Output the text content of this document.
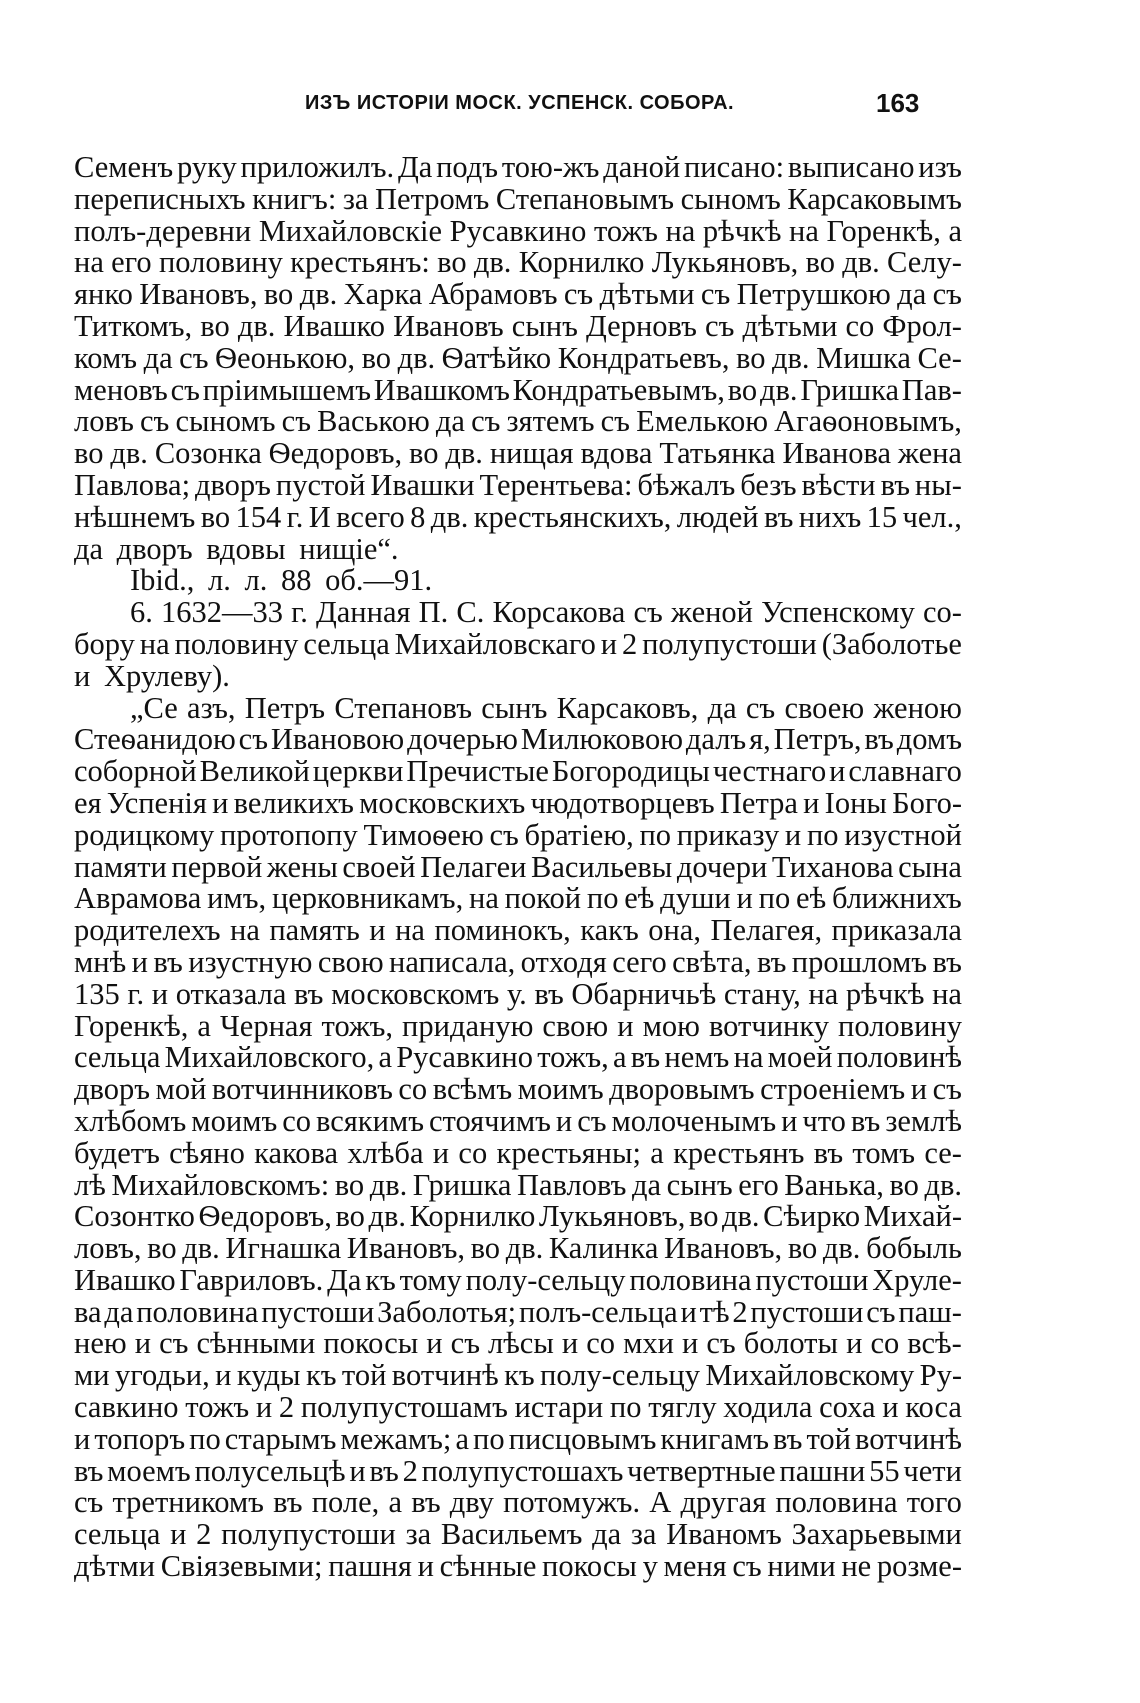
ИЗЪ ИСТОРIИ МОСК. УСПЕНСК. СОБОРА.	163
Семенъ руку приложилъ. Да подъ тою-жъ даной писано: выписано изъ
переписныхъ книгъ: за Петромъ Степановымъ сыномъ Карсаковымъ
полъ-деревни Михайловскіе Русавкино тожъ на рѣчкѣ на Горенкѣ, а
на его половину крестьянъ: во дв. Корнилко Лукьяновъ, во дв. Селу-
янко Ивановъ, во дв. Харка Абрамовъ съ дѣтьми съ Петрушкою да съ
Титкомъ, во дв. Ивашко Ивановъ сынъ Дерновъ съ дѣтьми со Фрол-
комъ да съ Ѳеонькою, во дв. Ѳатѣйко Кондратьевъ, во дв. Мишка Се-
меновъ съ прiимышемъ Ивашкомъ Кондратьевымъ, во дв. Гришка Пав-
ловъ съ сыномъ съ Ваською да съ зятемъ съ Емелькою Агаѳоновымъ,
во дв. Созонка Ѳедоровъ, во дв. нищая вдова Татьянка Иванова жена
Павлова; дворъ пустой Ивашки Терентьева: бѣжалъ безъ вѣсти въ ны-
нѣшнемъ во 154 г. И всего 8 дв. крестьянскихъ, людей въ нихъ 15 чел.,
да дворъ вдовы нищіе“.
Ibid., л. л. 88 об.—91.
6. 1632—33 г. Данная П. С. Корсакова съ женой Успенскому со-
бору на половину сельца Михайловскаго и 2 полупустоши (Заболотье
и Хрулеву).
„Се азъ, Петръ Степановъ сынъ Карсаковъ, да съ своею женою
Стеѳанидою съ Ивановою дочерью Милюковою далъ я, Петръ, въ домъ
соборной Великой церкви Пречистые Богородицы честнаго и славнаго
ея Успенія и великихъ московскихъ чюдотворцевъ Петра и Іоны Бого-
родицкому протопопу Тимоѳею съ братіею, по приказу и по изустной
памяти первой жены своей Пелагеи Васильевы дочери Тиханова сына
Аврамова имъ, церковникамъ, на покой по еѣ души и по еѣ ближнихъ
родителехъ на память и на поминокъ, какъ она, Пелагея, приказала
мнѣ и въ изустную свою написала, отходя сего свѣта, въ прошломъ въ
135 г. и отказала въ московскомъ у. въ Обарничьѣ стану, на рѣчкѣ на
Горенкѣ, а Черная тожъ, приданую свою и мою вотчинку половину
сельца Михайловского, а Русавкино тожъ, а въ немъ на моей половинѣ
дворъ мой вотчинниковъ со всѣмъ моимъ дворовымъ строеніемъ и съ
хлѣбомъ моимъ со всякимъ стоячимъ и съ молоченымъ и что въ землѣ
будетъ сѣяно какова хлѣба и со крестьяны; а крестьянъ въ томъ се-
лѣ Михайловскомъ: во дв. Гришка Павловъ да сынъ его Ванька, во дв.
Созонтко Ѳедоровъ, во дв. Корнилко Лукьяновъ, во дв. Сѣирко Михай-
ловъ, во дв. Игнашка Ивановъ, во дв. Калинка Ивановъ, во дв. бобыль
Ивашко Гавриловъ. Да къ тому полу-сельцу половина пустоши Хруле-
ва да половина пустоши Заболотья; полъ-сельца и тѣ 2 пустоши съ паш-
нею и съ сѣнными покосы и съ лѣсы и со мхи и съ болоты и со всѣ-
ми угодьи, и куды къ той вотчинѣ къ полу-сельцу Михайловскому Ру-
савкино тожъ и 2 полупустошамъ истари по тяглу ходила соха и коса
и топоръ по старымъ межамъ; а по писцовымъ книгамъ въ той вотчинѣ
въ моемъ полусельцѣ и въ 2 полупустошахъ четвертные пашни 55 чети
съ третникомъ въ поле, а въ дву потомужъ. А другая половина того
сельца и 2 полупустоши за Васильемъ да за Иваномъ Захарьевыми
дѣтми Свiязевыми; пашня и сѣнные покосы у меня съ ними не розме-
